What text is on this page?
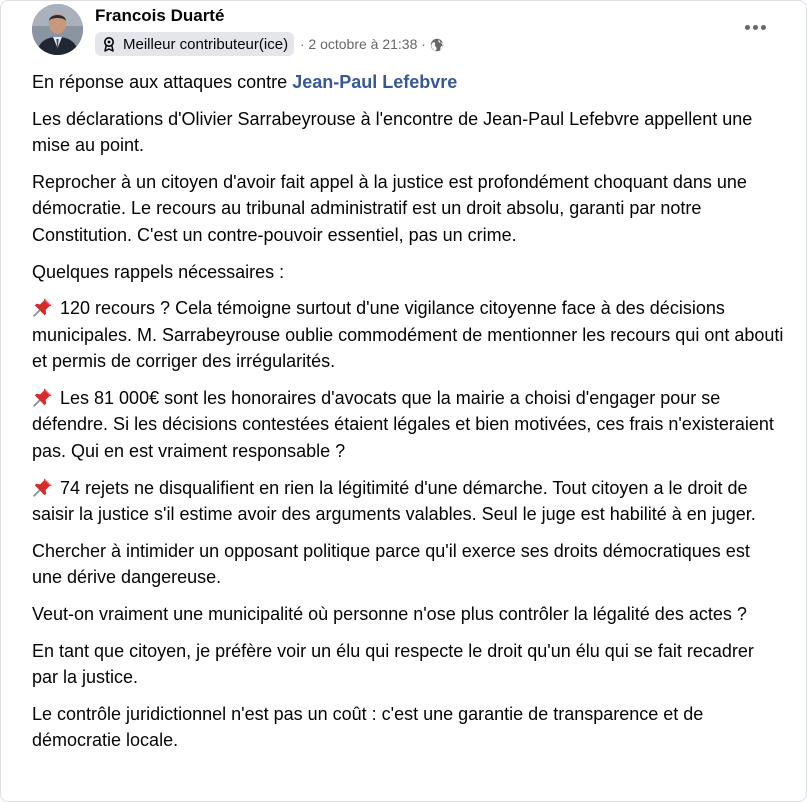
Francois Duarté
Meilleur contributeur(ice) · 2 octobre à 21:38 ·

En réponse aux attaques contre Jean-Paul Lefebvre

Les déclarations d'Olivier Sarrabeyrouse à l'encontre de Jean-Paul Lefebvre appellent une mise au point.

Reprocher à un citoyen d'avoir fait appel à la justice est profondément choquant dans une démocratie. Le recours au tribunal administratif est un droit absolu, garanti par notre Constitution. C'est un contre-pouvoir essentiel, pas un crime.

Quelques rappels nécessaires :

120 recours ? Cela témoigne surtout d'une vigilance citoyenne face à des décisions municipales. M. Sarrabeyrouse oublie commodément de mentionner les recours qui ont abouti et permis de corriger des irrégularités.

Les 81 000€ sont les honoraires d'avocats que la mairie a choisi d'engager pour se défendre. Si les décisions contestées étaient légales et bien motivées, ces frais n'existeraient pas. Qui en est vraiment responsable ?

74 rejets ne disqualifient en rien la légitimité d'une démarche. Tout citoyen a le droit de saisir la justice s'il estime avoir des arguments valables. Seul le juge est habilité à en juger.

Chercher à intimider un opposant politique parce qu'il exerce ses droits démocratiques est une dérive dangereuse.

Veut-on vraiment une municipalité où personne n'ose plus contrôler la légalité des actes ?

En tant que citoyen, je préfère voir un élu qui respecte le droit qu'un élu qui se fait recadrer par la justice.

Le contrôle juridictionnel n'est pas un coût : c'est une garantie de transparence et de démocratie locale.
